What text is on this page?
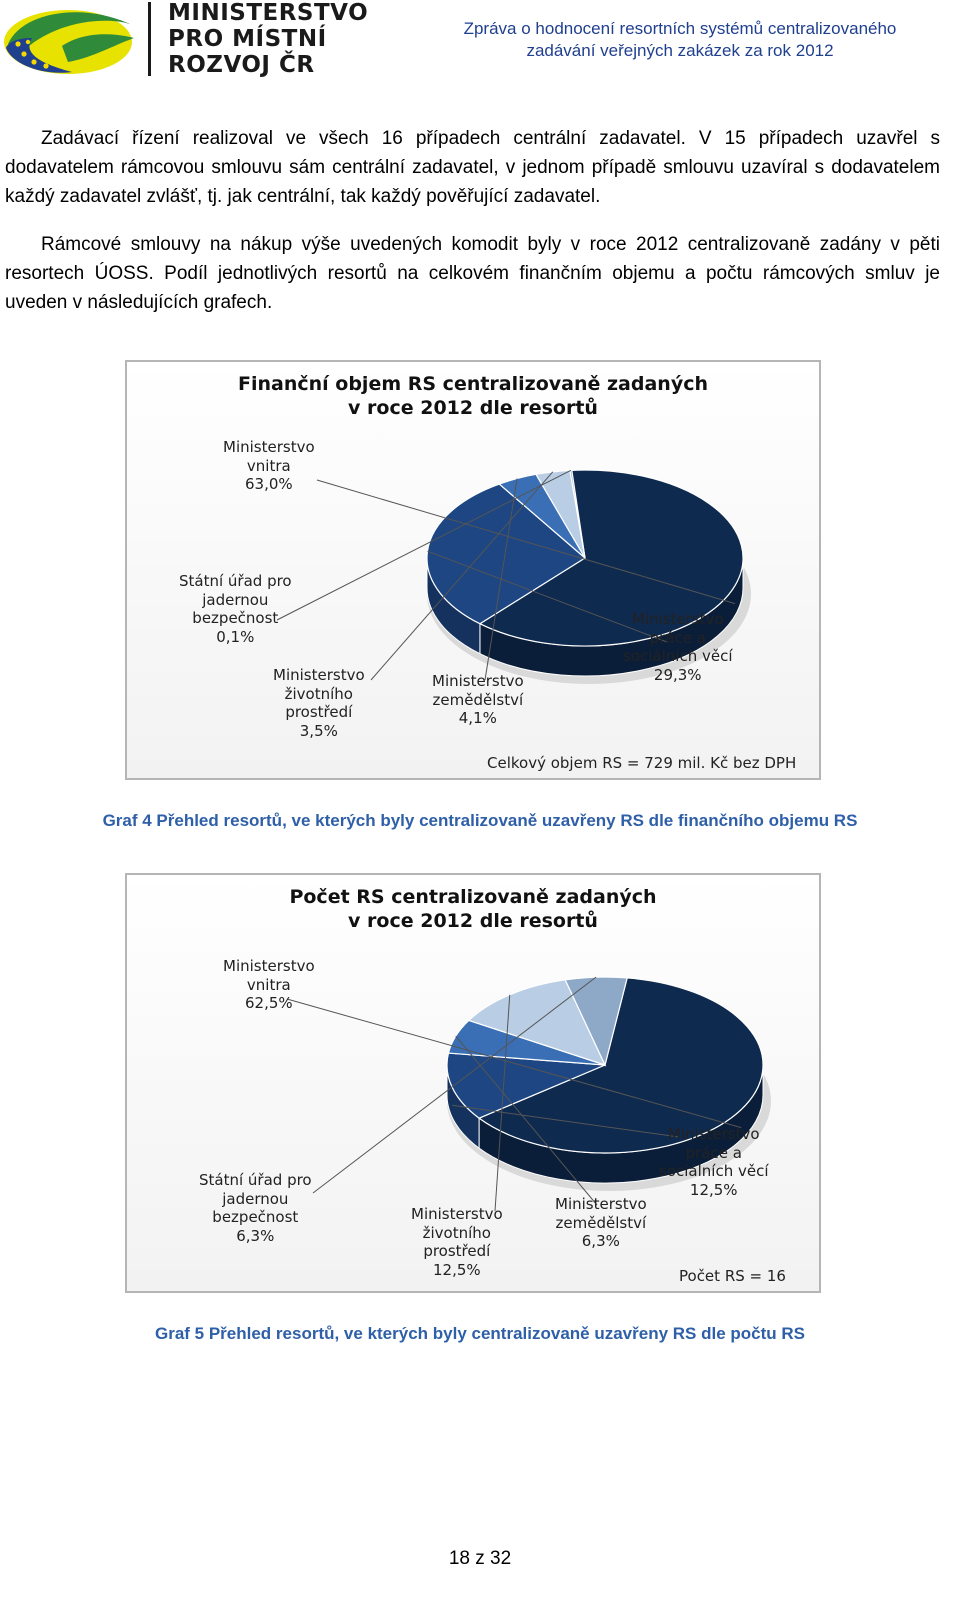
MINISTERSTVO
PRO MÍSTNÍ
ROZVOJ ČR
Zpráva o hodnocení resortních systémů centralizovaného
zadávání veřejných zakázek za rok 2012

Zadávací řízení realizoval ve všech 16 případech centrální zadavatel. V 15 případech uzavřel s dodavatelem rámcovou smlouvu sám centrální zadavatel, v jednom případě smlouvu uzavíral s dodavatelem každý zadavatel zvlášť, tj. jak centrální, tak každý pověřující zadavatel.

Rámcové smlouvy na nákup výše uvedených komodit byly v roce 2012 centralizovaně zadány v pěti resortech ÚOSS. Podíl jednotlivých resortů na celkovém finančním objemu a počtu rámcových smluv je uveden v následujících grafech.

Finanční objem RS centralizovaně zadaných
v roce 2012 dle resortů
Ministerstvo
vnitra
63,0%
Státní úřad pro
jadernou
bezpečnost
0,1%
Ministerstvo
životního
prostředí
3,5%
Ministerstvo
zemědělství
4,1%
Ministerstvo
práce a
sociálních věcí
29,3%
Celkový objem RS = 729 mil. Kč bez DPH
Graf 4 Přehled resortů, ve kterých byly centralizovaně uzavřeny RS dle finančního objemu RS
Počet RS centralizovaně zadaných
v roce 2012 dle resortů
Ministerstvo
vnitra
62,5%
Státní úřad pro
jadernou
bezpečnost
6,3%
Ministerstvo
životního
prostředí
12,5%
Ministerstvo
zemědělství
6,3%
Ministerstvo
práce a
sociálních věcí
12,5%
Počet RS = 16
Graf 5 Přehled resortů, ve kterých byly centralizovaně uzavřeny RS dle počtu RS
18 z 32
